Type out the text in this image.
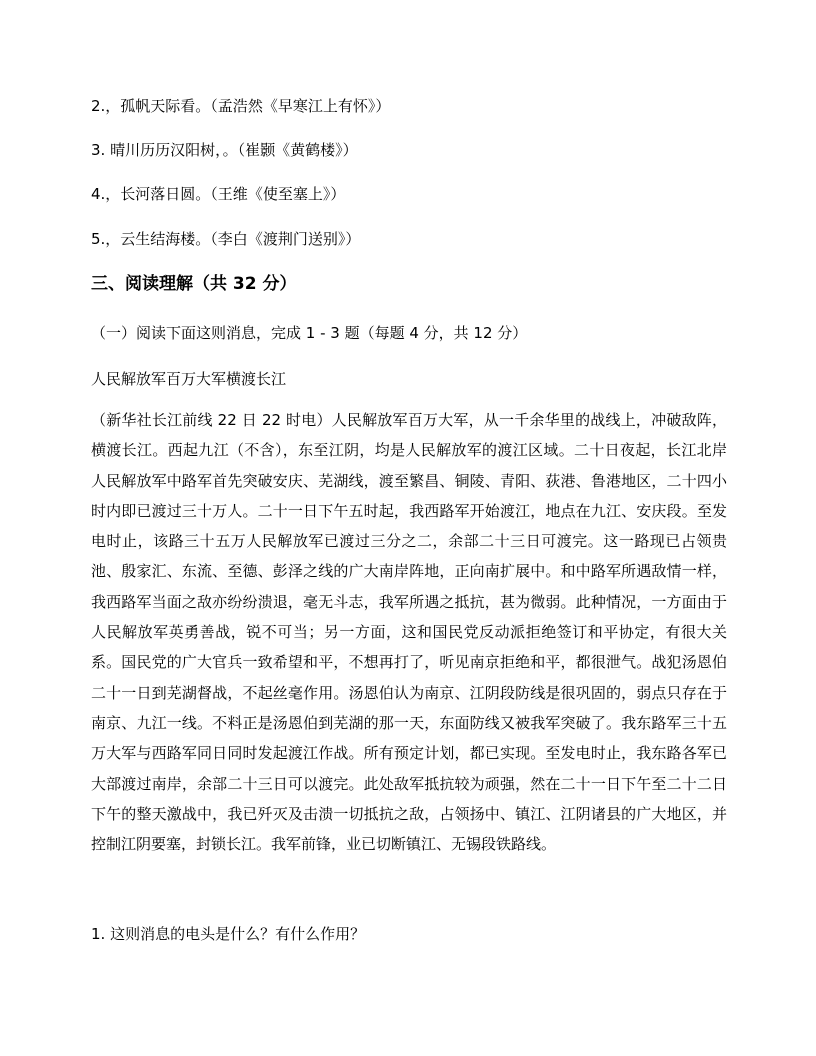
2.，孤帆天际看。（孟浩然《早寒江上有怀》）

3. 晴川历历汉阳树，。（崔颢《黄鹤楼》）

4.，长河落日圆。（王维《使至塞上》）

5.，云生结海楼。（李白《渡荆门送别》）

三、阅读理解（共 32 分）

（一）阅读下面这则消息，完成 1 - 3 题（每题 4 分，共 12 分）

人民解放军百万大军横渡长江

（新华社长江前线 22 日 22 时电）人民解放军百万大军，从一千余华里的战线上，冲破敌阵，横渡长江。西起九江（不含），东至江阴，均是人民解放军的渡江区域。二十日夜起，长江北岸人民解放军中路军首先突破安庆、芜湖线，渡至繁昌、铜陵、青阳、荻港、鲁港地区，二十四小时内即已渡过三十万人。二十一日下午五时起，我西路军开始渡江，地点在九江、安庆段。至发电时止，该路三十五万人民解放军已渡过三分之二，余部二十三日可渡完。这一路现已占领贵池、殷家汇、东流、至德、彭泽之线的广大南岸阵地，正向南扩展中。和中路军所遇敌情一样，我西路军当面之敌亦纷纷溃退，毫无斗志，我军所遇之抵抗，甚为微弱。此种情况，一方面由于人民解放军英勇善战，锐不可当；另一方面，这和国民党反动派拒绝签订和平协定，有很大关系。国民党的广大官兵一致希望和平，不想再打了，听见南京拒绝和平，都很泄气。战犯汤恩伯二十一日到芜湖督战，不起丝毫作用。汤恩伯认为南京、江阴段防线是很巩固的，弱点只存在于南京、九江一线。不料正是汤恩伯到芜湖的那一天，东面防线又被我军突破了。我东路军三十五万大军与西路军同日同时发起渡江作战。所有预定计划，都已实现。至发电时止，我东路各军已大部渡过南岸，余部二十三日可以渡完。此处敌军抵抗较为顽强，然在二十一日下午至二十二日下午的整天激战中，我已歼灭及击溃一切抵抗之敌，占领扬中、镇江、江阴诸县的广大地区，并控制江阴要塞，封锁长江。我军前锋，业已切断镇江、无锡段铁路线。

1. 这则消息的电头是什么？有什么作用？
